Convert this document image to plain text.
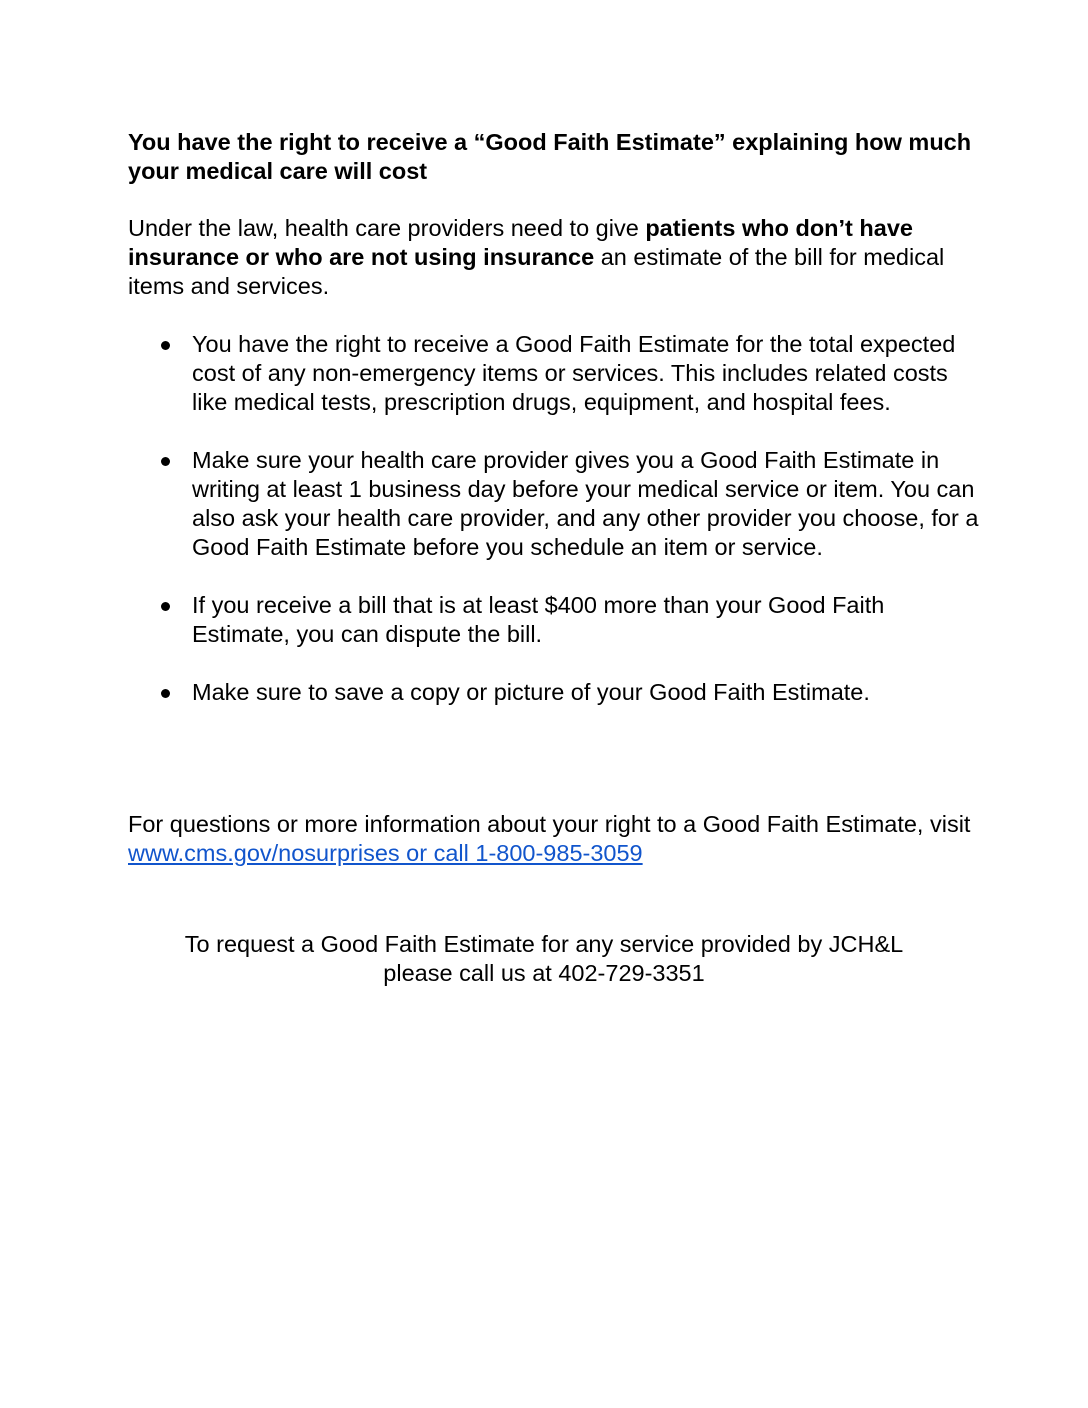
You have the right to receive a “Good Faith Estimate” explaining how much your medical care will cost

Under the law, health care providers need to give patients who don’t have insurance or who are not using insurance an estimate of the bill for medical items and services.

You have the right to receive a Good Faith Estimate for the total expected cost of any non-emergency items or services. This includes related costs like medical tests, prescription drugs, equipment, and hospital fees.
Make sure your health care provider gives you a Good Faith Estimate in writing at least 1 business day before your medical service or item. You can also ask your health care provider, and any other provider you choose, for a Good Faith Estimate before you schedule an item or service.
If you receive a bill that is at least $400 more than your Good Faith Estimate, you can dispute the bill.
Make sure to save a copy or picture of your Good Faith Estimate.

For questions or more information about your right to a Good Faith Estimate, visit www.cms.gov/nosurprises or call 1-800-985-3059

To request a Good Faith Estimate for any service provided by JCH&L
please call us at 402-729-3351
